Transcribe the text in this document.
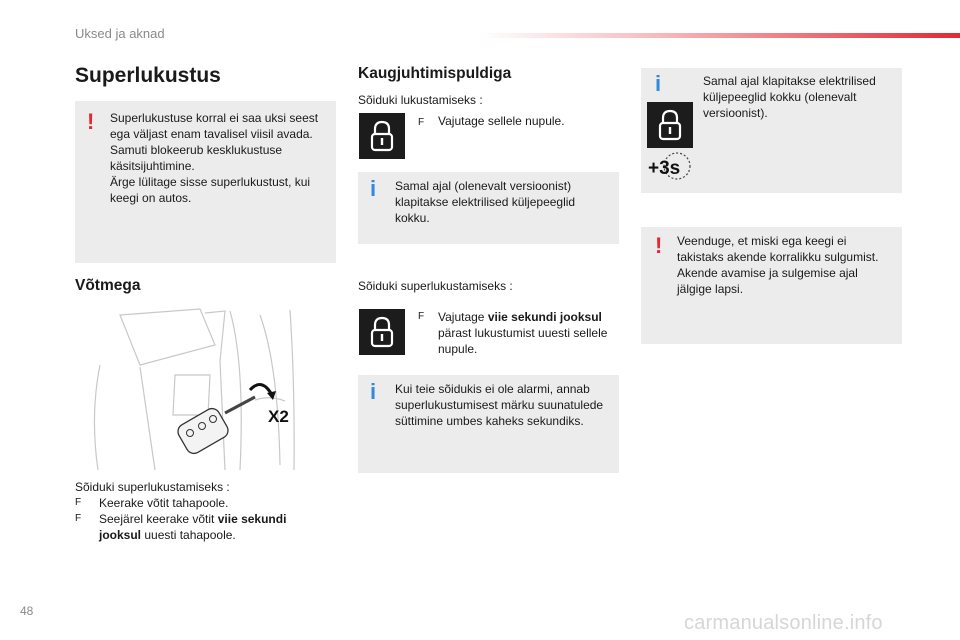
Uksed ja aknad
Superlukustus
! Superlukustuse korral ei saa uksi seest
ega väljast enam tavalisel viisil avada.
Samuti blokeerub kesklukustuse
käsitsijuhtimine.
Ärge lülitage sisse superlukustust, kui
keegi on autos.
Võtmega
X2
Sõiduki superlukustamiseks :
F Keerake võtit tahapoole.
F Seejärel keerake võtit viie sekundi
jooksul uuesti tahapoole.
Kaugjuhtimispuldiga
Sõiduki lukustamiseks :
F Vajutage sellele nupule.
i Samal ajal (olenevalt versioonist)
klapitakse elektrilised küljepeeglid
kokku.
Sõiduki superlukustamiseks :
F Vajutage viie sekundi jooksul
pärast lukustumist uuesti sellele
nupule.
i Kui teie sõidukis ei ole alarmi, annab
superlukustumisest märku suunatulede
süttimine umbes kaheks sekundiks.
i
+3s
Samal ajal klapitakse elektrilised
küljepeeglid kokku (olenevalt
versioonist).
! Veenduge, et miski ega keegi ei
takistaks akende korralikku sulgumist.
Akende avamise ja sulgemise ajal
jälgige lapsi.
48
carmanualsonline.info
